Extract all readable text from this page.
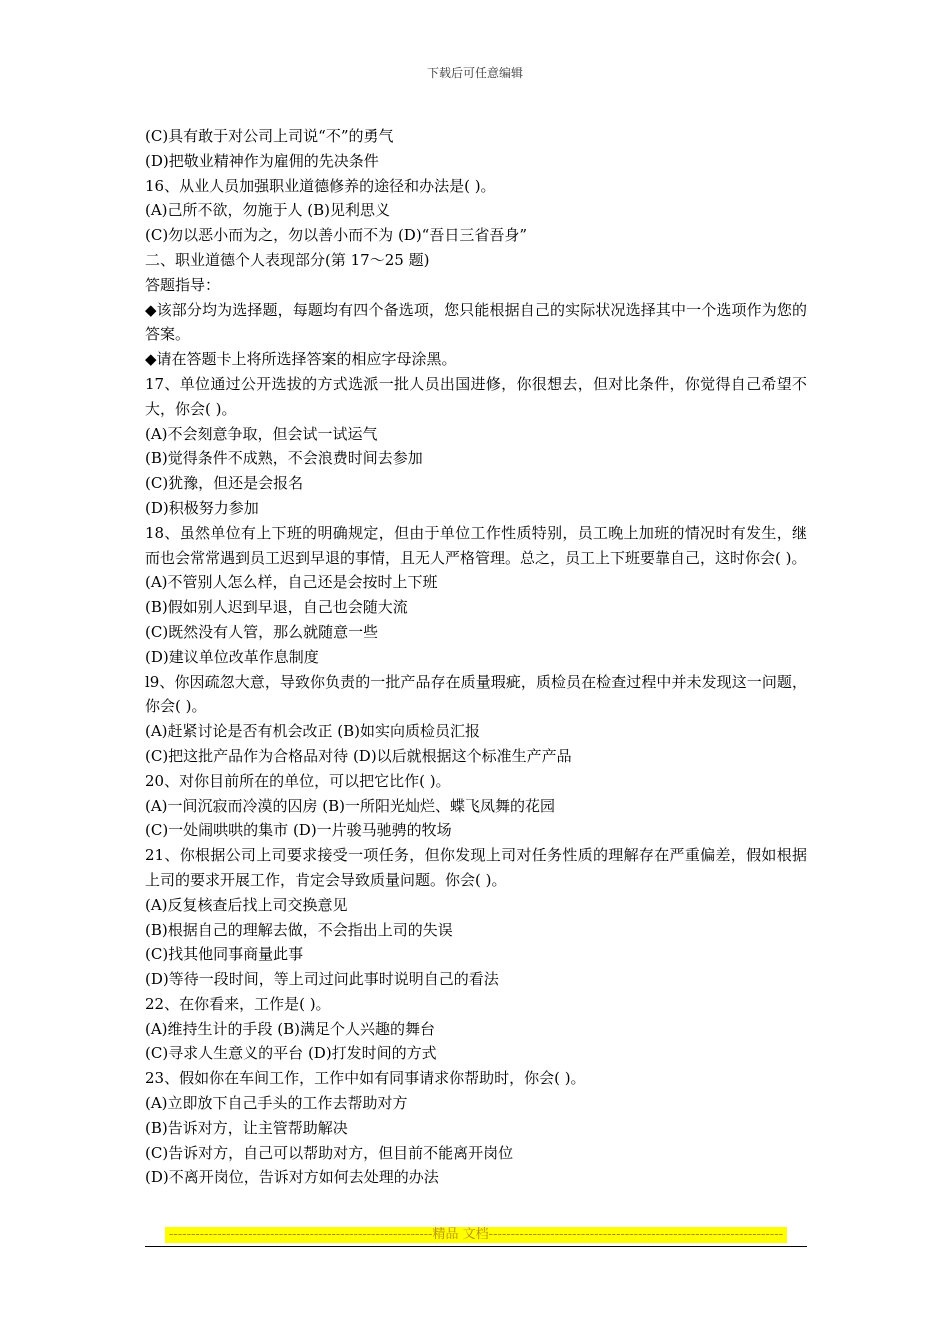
下载后可任意编辑
(C)具有敢于对公司上司说“不”的勇气
(D)把敬业精神作为雇佣的先决条件
16、从业人员加强职业道德修养的途径和办法是( )。
(A)己所不欲，勿施于人 (B)见利思义
(C)勿以恶小而为之，勿以善小而不为 (D)“吾日三省吾身”
二、职业道德个人表现部分(第 17～25 题)
答题指导：
◆该部分均为选择题，每题均有四个备选项，您只能根据自己的实际状况选择其中一个选项作为您的答案。
◆请在答题卡上将所选择答案的相应字母涂黑。
17、单位通过公开选拔的方式选派一批人员出国进修，你很想去，但对比条件，你觉得自己希望不大，你会( )。
(A)不会刻意争取，但会试一试运气
(B)觉得条件不成熟，不会浪费时间去参加
(C)犹豫，但还是会报名
(D)积极努力参加
18、虽然单位有上下班的明确规定，但由于单位工作性质特别，员工晚上加班的情况时有发生，继而也会常常遇到员工迟到早退的事情，且无人严格管理。总之，员工上下班要靠自己，这时你会( )。
(A)不管别人怎么样，自己还是会按时上下班
(B)假如别人迟到早退，自己也会随大流
(C)既然没有人管，那么就随意一些
(D)建议单位改革作息制度
l9、你因疏忽大意，导致你负责的一批产品存在质量瑕疵，质检员在检查过程中并未发现这一问题，你会( )。
(A)赶紧讨论是否有机会改正 (B)如实向质检员汇报
(C)把这批产品作为合格品对待 (D)以后就根据这个标准生产产品
20、对你目前所在的单位，可以把它比作( )。
(A)一间沉寂而冷漠的囚房 (B)一所阳光灿烂、蝶飞凤舞的花园
(C)一处闹哄哄的集市 (D)一片骏马驰骋的牧场
21、你根据公司上司要求接受一项任务，但你发现上司对任务性质的理解存在严重偏差，假如根据上司的要求开展工作，肯定会导致质量问题。你会( )。
(A)反复核查后找上司交换意见
(B)根据自己的理解去做，不会指出上司的失误
(C)找其他同事商量此事
(D)等待一段时间，等上司过问此事时说明自己的看法
22、在你看来，工作是( )。
(A)维持生计的手段 (B)满足个人兴趣的舞台
(C)寻求人生意义的平台 (D)打发时间的方式
23、假如你在车间工作，工作中如有同事请求你帮助时，你会( )。
(A)立即放下自己手头的工作去帮助对方
(B)告诉对方，让主管帮助解决
(C)告诉对方，自己可以帮助对方，但目前不能离开岗位
(D)不离开岗位，告诉对方如何去处理的办法
------------------------------------------------------------精品 文档-------------------------------------------------------------------
